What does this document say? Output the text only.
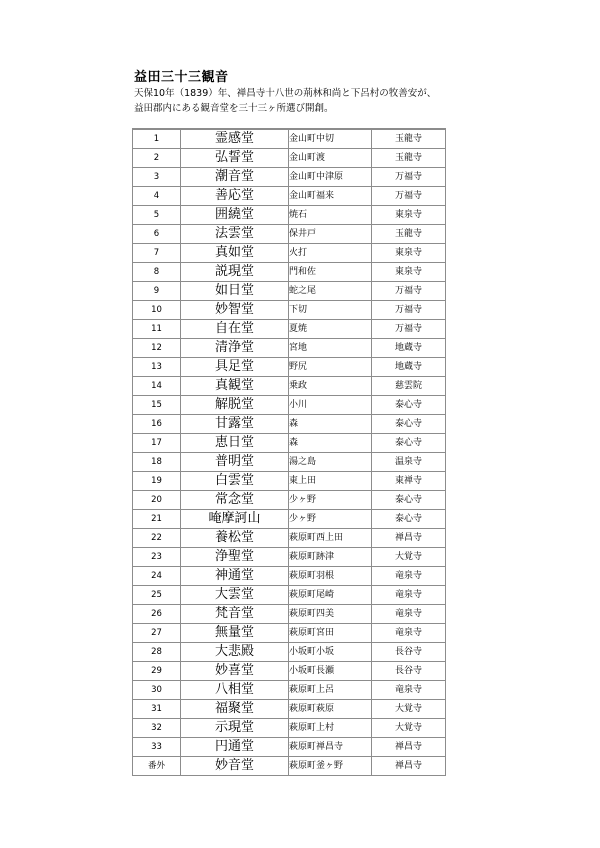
益田三十三観音
天保10年（1839）年、禅昌寺十八世の荊林和尚と下呂村の牧善安が、
益田郡内にある観音堂を三十三ヶ所選び開創。
1	霊感堂	金山町中切	玉龍寺
2	弘誓堂	金山町渡	玉龍寺
3	潮音堂	金山町中津原	万福寺
4	善応堂	金山町福来	万福寺
5	囲繞堂	焼石	東泉寺
6	法雲堂	保井戸	玉龍寺
7	真如堂	火打	東泉寺
8	説現堂	門和佐	東泉寺
9	如日堂	蛇之尾	万福寺
10	妙智堂	下切	万福寺
11	自在堂	夏焼	万福寺
12	清浄堂	宮地	地蔵寺
13	具足堂	野尻	地蔵寺
14	真観堂	乗政	慈雲院
15	解脱堂	小川	泰心寺
16	甘露堂	森	泰心寺
17	恵日堂	森	泰心寺
18	普明堂	湯之島	温泉寺
19	白雲堂	東上田	東禅寺
20	常念堂	少ヶ野	泰心寺
21	唵摩訶山	少ヶ野	泰心寺
22	養松堂	萩原町西上田	禅昌寺
23	浄聖堂	萩原町跡津	大覚寺
24	神通堂	萩原町羽根	竜泉寺
25	大雲堂	萩原町尾崎	竜泉寺
26	梵音堂	萩原町四美	竜泉寺
27	無量堂	萩原町宮田	竜泉寺
28	大悲殿	小坂町小坂	長谷寺
29	妙喜堂	小坂町長瀬	長谷寺
30	八相堂	萩原町上呂	竜泉寺
31	福聚堂	萩原町萩原	大覚寺
32	示現堂	萩原町上村	大覚寺
33	円通堂	萩原町禅昌寺	禅昌寺
番外	妙音堂	萩原町釜ヶ野	禅昌寺
